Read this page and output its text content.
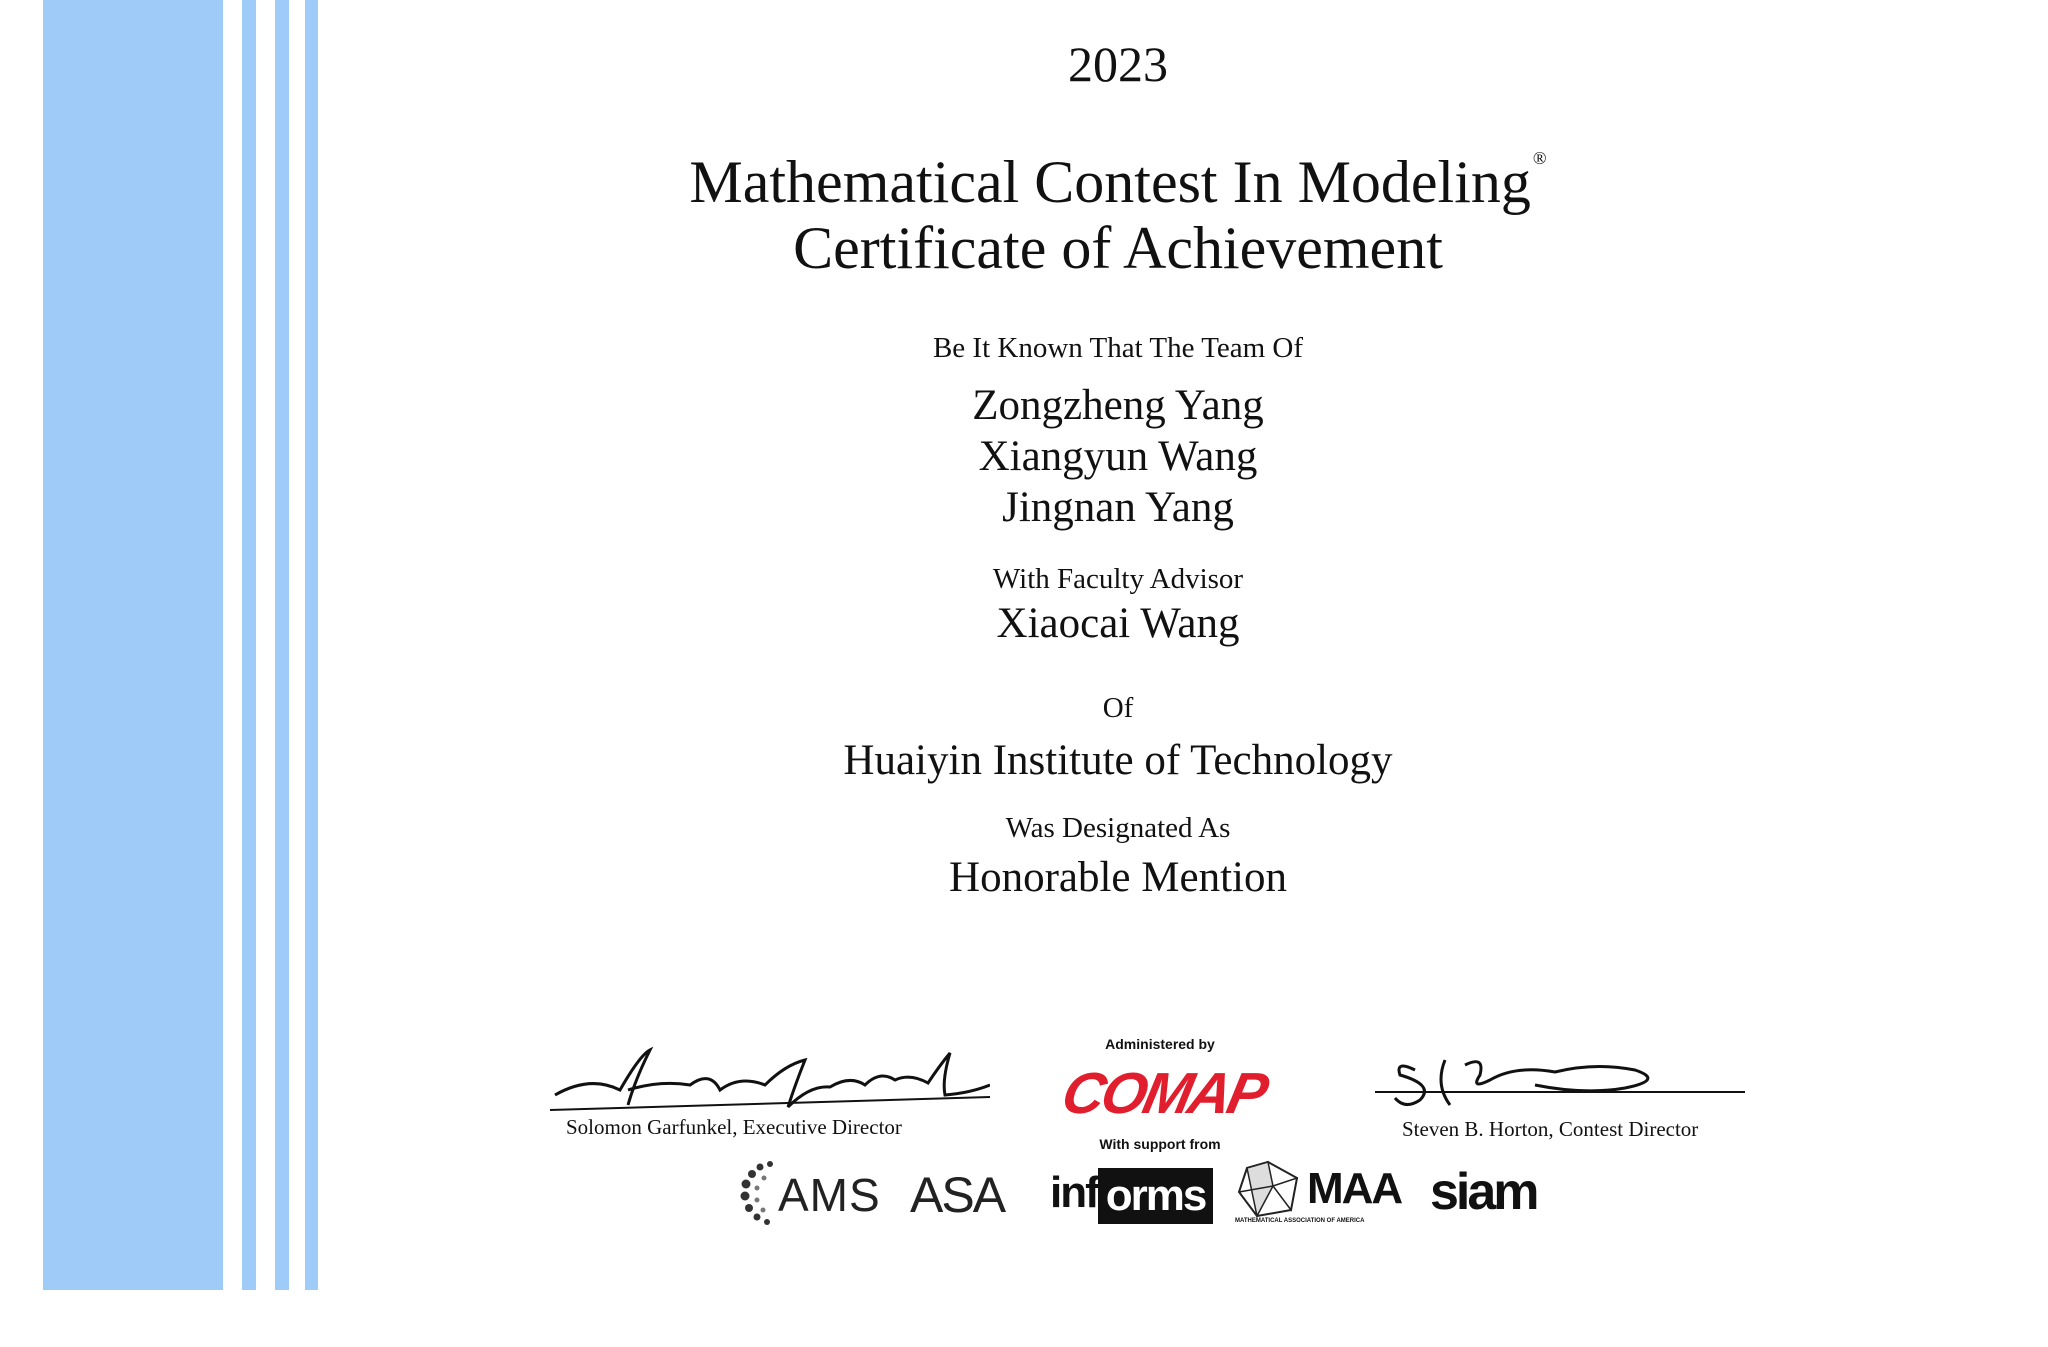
2023
Mathematical Contest In Modeling ®
Certificate of Achievement
Be It Known That The Team Of
Zongzheng Yang
Xiangyun Wang
Jingnan Yang
With Faculty Advisor
Xiaocai Wang
Of
Huaiyin Institute of Technology
Was Designated As
Honorable Mention
Solomon Garfunkel, Executive Director	Steven B. Horton, Contest Director
Administered by
COMAP
With support from
AMS ASA inf orms MAA
MATHEMATICAL ASSOCIATION OF AMERICA siam
